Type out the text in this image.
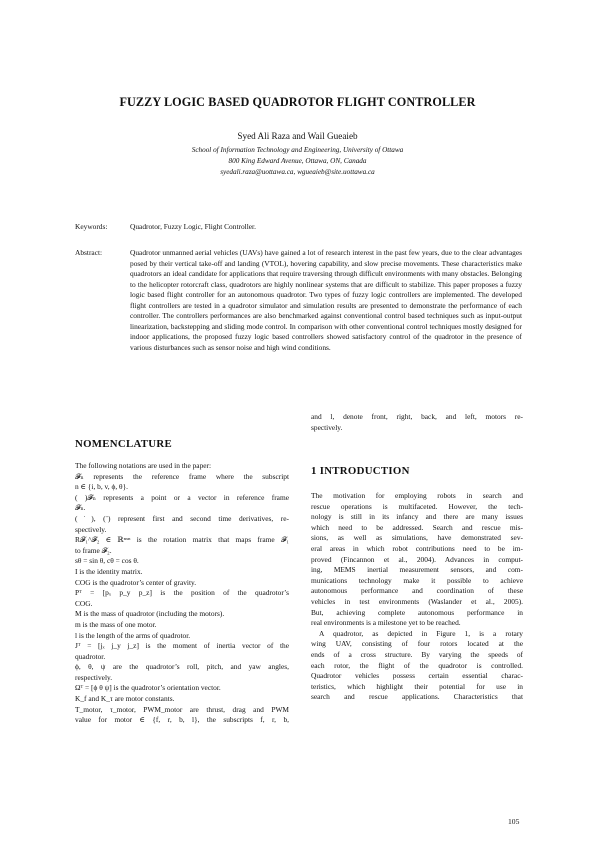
FUZZY LOGIC BASED QUADROTOR FLIGHT CONTROLLER
Syed Ali Raza and Wail Gueaieb
School of Information Technology and Engineering, University of Ottawa
800 King Edward Avenue, Ottawa, ON, Canada
syedali.raza@uottawa.ca, wgueaieb@site.uottawa.ca
Keywords:	Quadrotor, Fuzzy Logic, Flight Controller.
Abstract:	Quadrotor unmanned aerial vehicles (UAVs) have gained a lot of research interest in the past few years, due to the clear advantages posed by their vertical take-off and landing (VTOL), hovering capability, and slow precise movements. These characteristics make quadrotors an ideal candidate for applications that require traversing through difficult environments with many obstacles. Belonging to the helicopter rotorcraft class, quadrotors are highly nonlinear systems that are difficult to stabilize. This paper proposes a fuzzy logic based flight controller for an autonomous quadrotor. Two types of fuzzy logic controllers are implemented. The developed flight controllers are tested in a quadrotor simulator and simulation results are presented to demonstrate the performance of each controller. The controllers performances are also benchmarked against conventional control based techniques such as input-output linearization, backstepping and sliding mode control. In comparison with other conventional control techniques mostly designed for indoor applications, the proposed fuzzy logic based controllers showed satisfactory control of the quadrotor in the presence of various disturbances such as sensor noise and high wind conditions.
NOMENCLATURE
The following notations are used in the paper:
𝓕ₙ represents the reference frame where the subscript
n ∈ {i, b, v, ϕ, θ}.
( )𝓕ₙ represents a point or a vector in reference frame
𝓕ₙ.
(˙), (¨) represent first and second time derivatives, re-
spectively.
R𝓕₁^𝓕₂ ∈ ℝⁿˣⁿ is the rotation matrix that maps frame 𝓕₁
to frame 𝓕₂.
sθ = sin θ, cθ = cos θ.
I is the identity matrix.
COG is the quadrotor’s center of gravity.
Pᵀ = [pₓ p_y p_z] is the position of the quadrotor’s
COG.
M is the mass of quadrotor (including the motors).
m is the mass of one motor.
l is the length of the arms of quadrotor.
Jᵀ = [jₓ j_y j_z] is the moment of inertia vector of the
quadrotor.
ϕ, θ, ψ are the quadrotor’s roll, pitch, and yaw angles,
respectively.
Ωᵀ = [ϕ θ ψ] is the quadrotor’s orientation vector.
K_f and K_τ are motor constants.
T_motor, τ_motor, PWM_motor are thrust, drag and PWM
value for motor ∈ {f, r, b, l}, the subscripts f, r, b,
and l, denote front, right, back, and left, motors re-
spectively.
1 INTRODUCTION
The motivation for employing robots in search and
rescue operations is multifaceted. However, the tech-
nology is still in its infancy and there are many issues
which need to be addressed. Search and rescue mis-
sions, as well as simulations, have demonstrated sev-
eral areas in which robot contributions need to be im-
proved (Fincannon et al., 2004). Advances in comput-
ing, MEMS inertial measurement sensors, and com-
munications technology make it possible to achieve
autonomous performance and coordination of these
vehicles in test environments (Waslander et al., 2005).
But, achieving complete autonomous performance in
real environments is a milestone yet to be reached.
A quadrotor, as depicted in Figure 1, is a rotary
wing UAV, consisting of four rotors located at the
ends of a cross structure. By varying the speeds of
each rotor, the flight of the quadrotor is controlled.
Quadrotor vehicles possess certain essential charac-
teristics, which highlight their potential for use in
search and rescue applications. Characteristics that
105
